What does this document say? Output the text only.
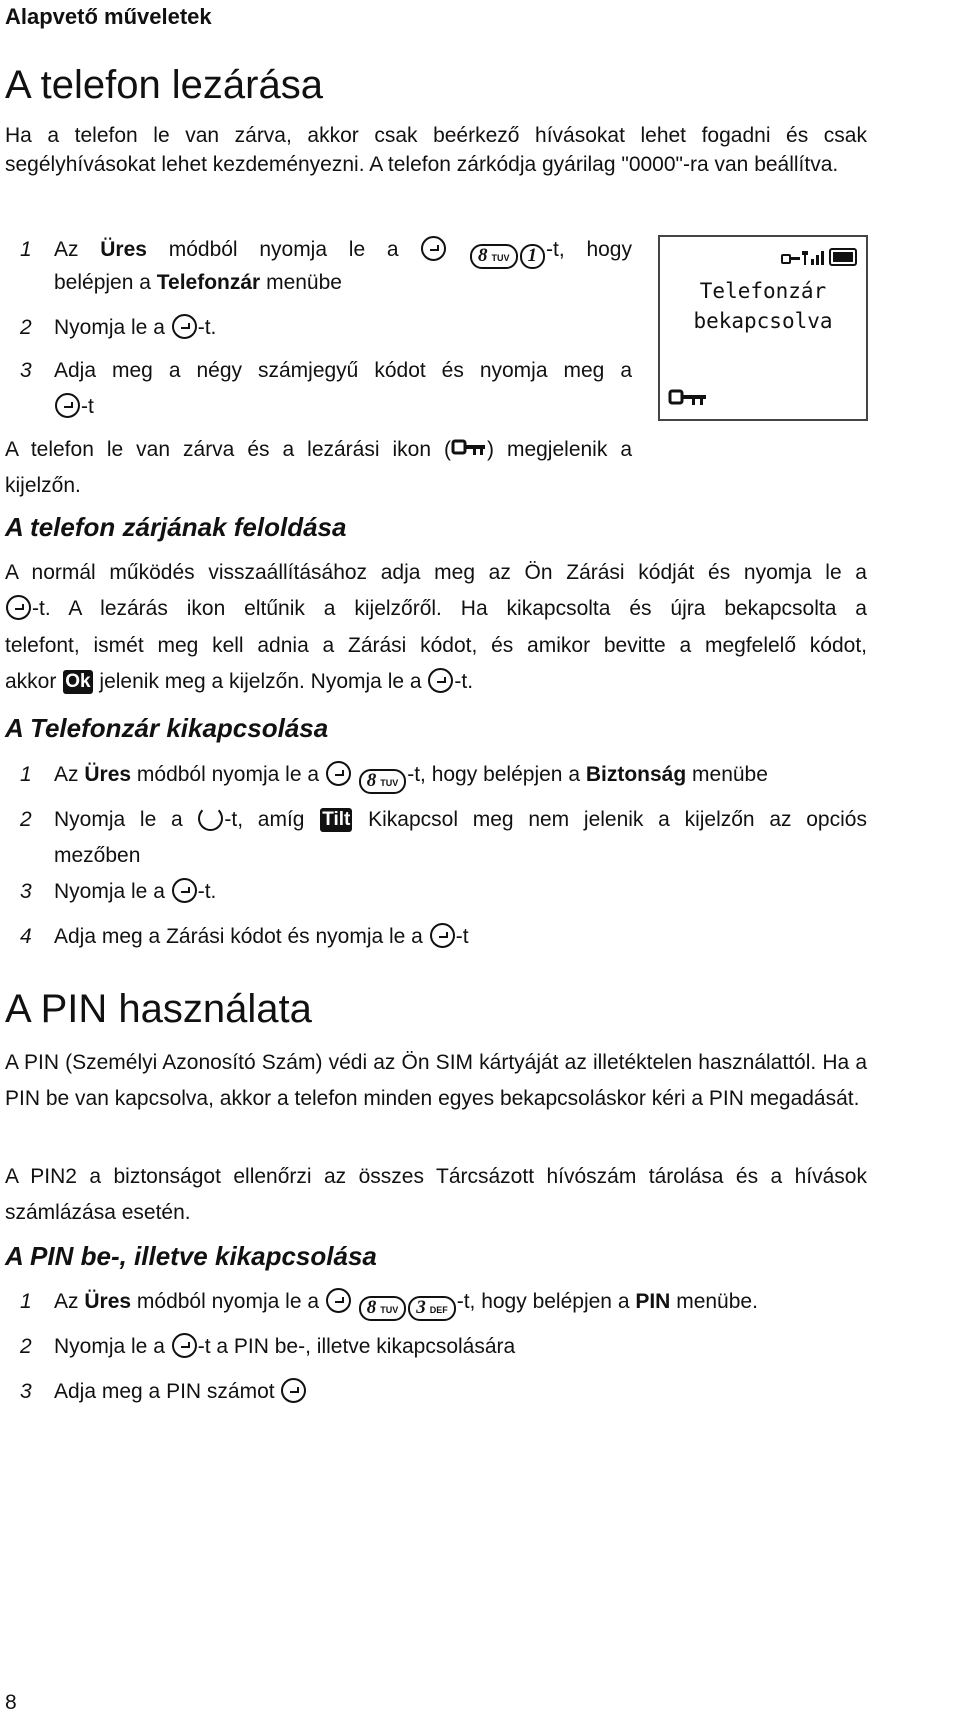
Alapvető műveletek
A telefon lezárása
Ha a telefon le van zárva, akkor csak beérkező hívásokat lehet fogadni és csak segélyhívásokat lehet kezdeményezni. A telefon zárkódja gyárilag "0000"-ra van beállítva.
1 Az Üres módból nyomja le a	8 TUV 1 -t, hogy
belépjen a Telefonzár menübe
2 Nyomja le a -t.
3 Adja meg a négy számjegyű kódot és nyomja meg a
-t
A telefon le van zárva és a lezárási ikon ( ) megjelenik a
kijelzőn.
Telefonzár
bekapcsolva
A telefon zárjának feloldása
A normál működés visszaállításához adja meg az Ön Zárási kódját és nyomja le a
-t. A lezárás ikon eltűnik a kijelzőről. Ha kikapcsolta és újra bekapcsolta a
telefont, ismét meg kell adnia a Zárási kódot, és amikor bevitte a megfelelő kódot,
akkor Ok jelenik meg a kijelzőn. Nyomja le a -t.
A Telefonzár kikapcsolása
1 Az Üres módból nyomja le a	8 TUV -t, hogy belépjen a Biztonság menübe
2 Nyomja le a -t, amíg Tilt Kikapcsol meg nem jelenik a kijelzőn az opciós
mezőben
3 Nyomja le a -t.
4 Adja meg a Zárási kódot és nyomja le a -t
A PIN használata
A PIN (Személyi Azonosító Szám) védi az Ön SIM kártyáját az illetéktelen használattól. Ha a PIN be van kapcsolva, akkor a telefon minden egyes bekapcsoláskor kéri a PIN megadását.
A PIN2 a biztonságot ellenőrzi az összes Tárcsázott hívószám tárolása és a hívások számlázása esetén.
A PIN be-, illetve kikapcsolása
1 Az Üres módból nyomja le a	8 TUV 3 DEF -t, hogy belépjen a PIN menübe.
2 Nyomja le a -t a PIN be-, illetve kikapcsolására
3 Adja meg a PIN számot
8
